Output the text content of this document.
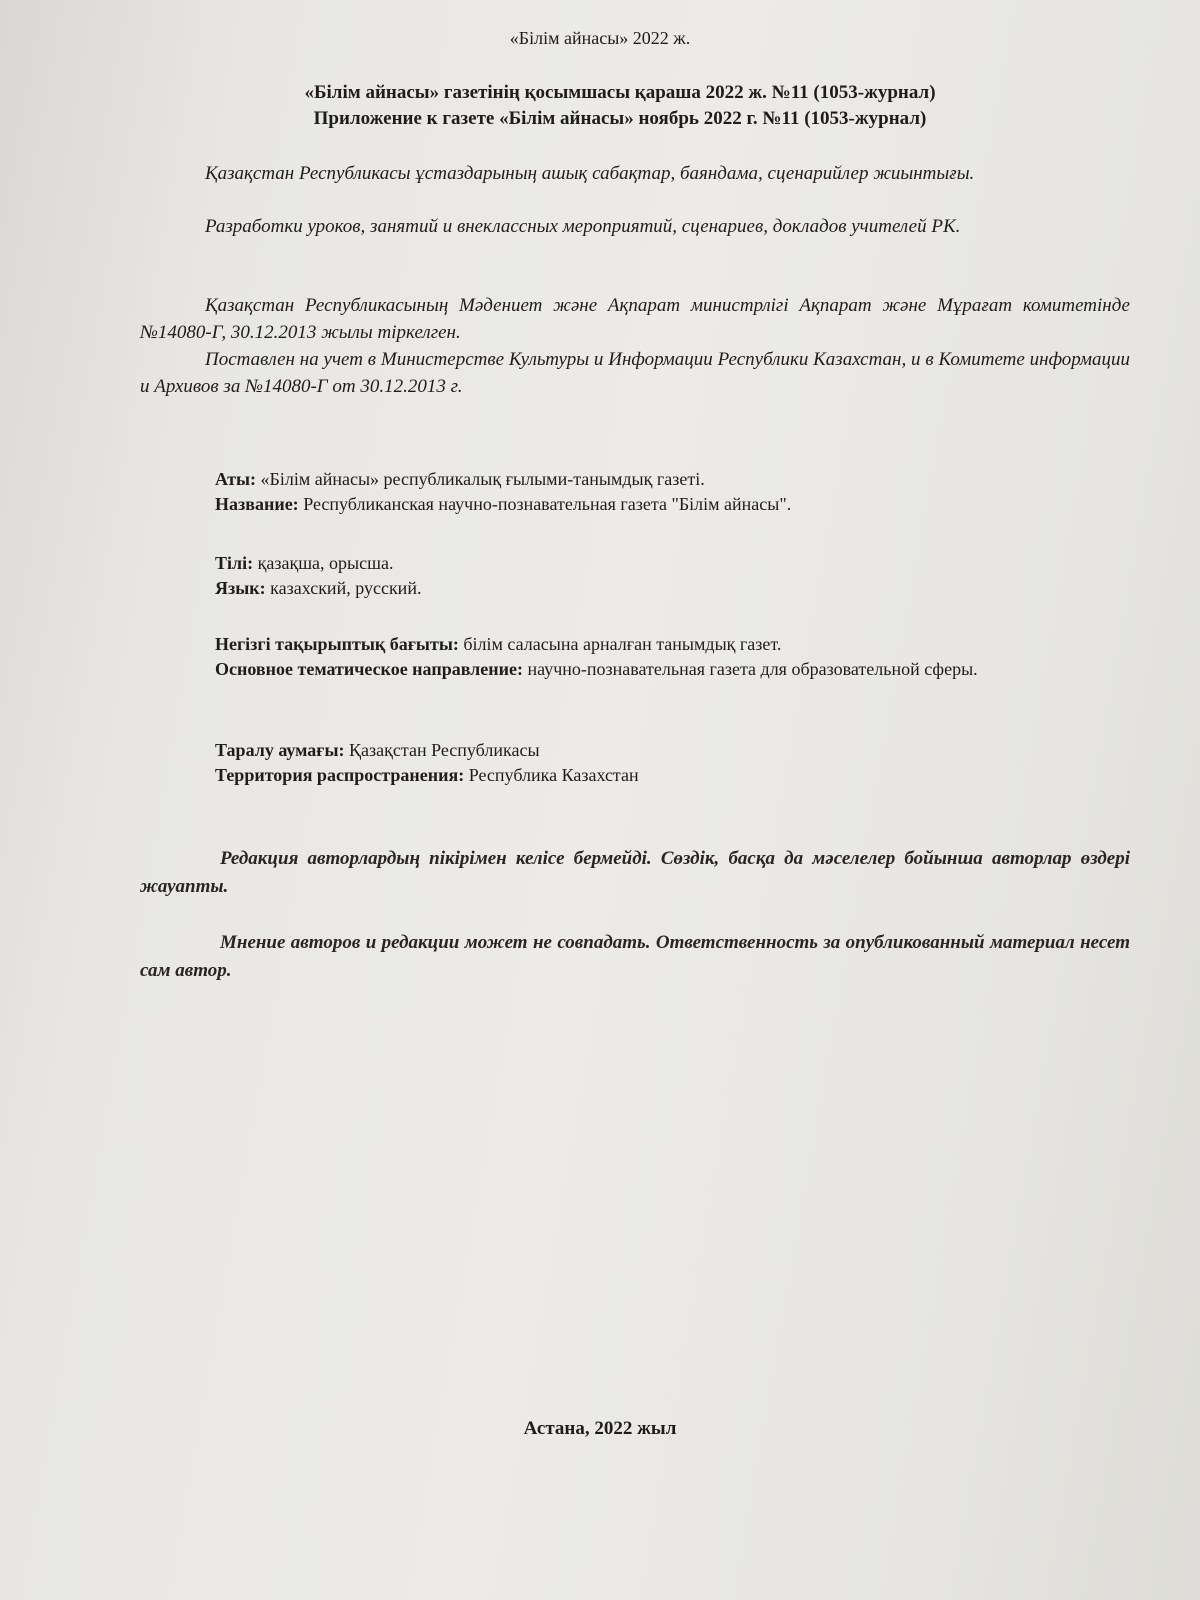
«Білім айнасы» 2022 ж.
«Білім айнасы» газетінің қосымшасы қараша 2022 ж. №11 (1053-журнал)
Приложение к газете «Білім айнасы» ноябрь 2022 г. №11 (1053-журнал)
Қазақстан Республикасы ұстаздарының ашық сабақтар, баяндама, сценарийлер жиынтығы.
Разработки уроков, занятий и внеклассных мероприятий, сценариев, докладов учителей РК.
Қазақстан Республикасының Мәдениет және Ақпарат министрлігі Ақпарат және Мұрағат комитетінде №14080-Г, 30.12.2013 жылы тіркелген.
Поставлен на учет в Министерстве Культуры и Информации Республики Казахстан, и в Комитете информации и Архивов за №14080-Г от 30.12.2013 г.
Аты: «Білім айнасы» республикалық ғылыми-танымдық газеті.
Название: Республиканская научно-познавательная газета "Білім айнасы".
Тілі: қазақша, орысша.
Язык: казахский, русский.
Негізгі тақырыптық бағыты: білім саласына арналған танымдық газет.
Основное тематическое направление: научно-познавательная газета для образовательной сферы.
Таралу аумағы: Қазақстан Республикасы
Территория распространения: Республика Казахстан
Редакция авторлардың пікірімен келісе бермейді. Сөздік, басқа да мәселелер бойынша авторлар өздері жауапты.
Мнение авторов и редакции может не совпадать. Ответственность за опубликованный материал несет сам автор.
Астана, 2022 жыл
